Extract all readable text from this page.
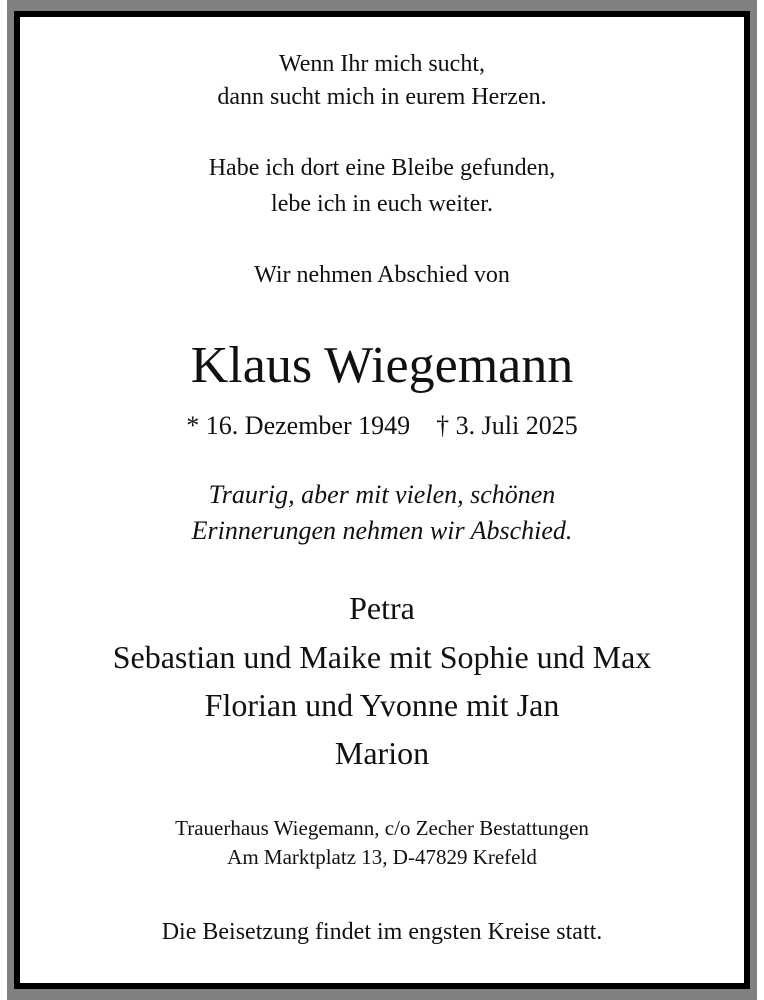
Wenn Ihr mich sucht,
dann sucht mich in eurem Herzen.
Habe ich dort eine Bleibe gefunden,
lebe ich in euch weiter.
Wir nehmen Abschied von
Klaus Wiegemann
* 16. Dezember 1949 † 3. Juli 2025
Traurig, aber mit vielen, schönen
Erinnerungen nehmen wir Abschied.
Petra
Sebastian und Maike mit Sophie und Max
Florian und Yvonne mit Jan
Marion
Trauerhaus Wiegemann, c/o Zecher Bestattungen
Am Marktplatz 13, D-47829 Krefeld
Die Beisetzung findet im engsten Kreise statt.
